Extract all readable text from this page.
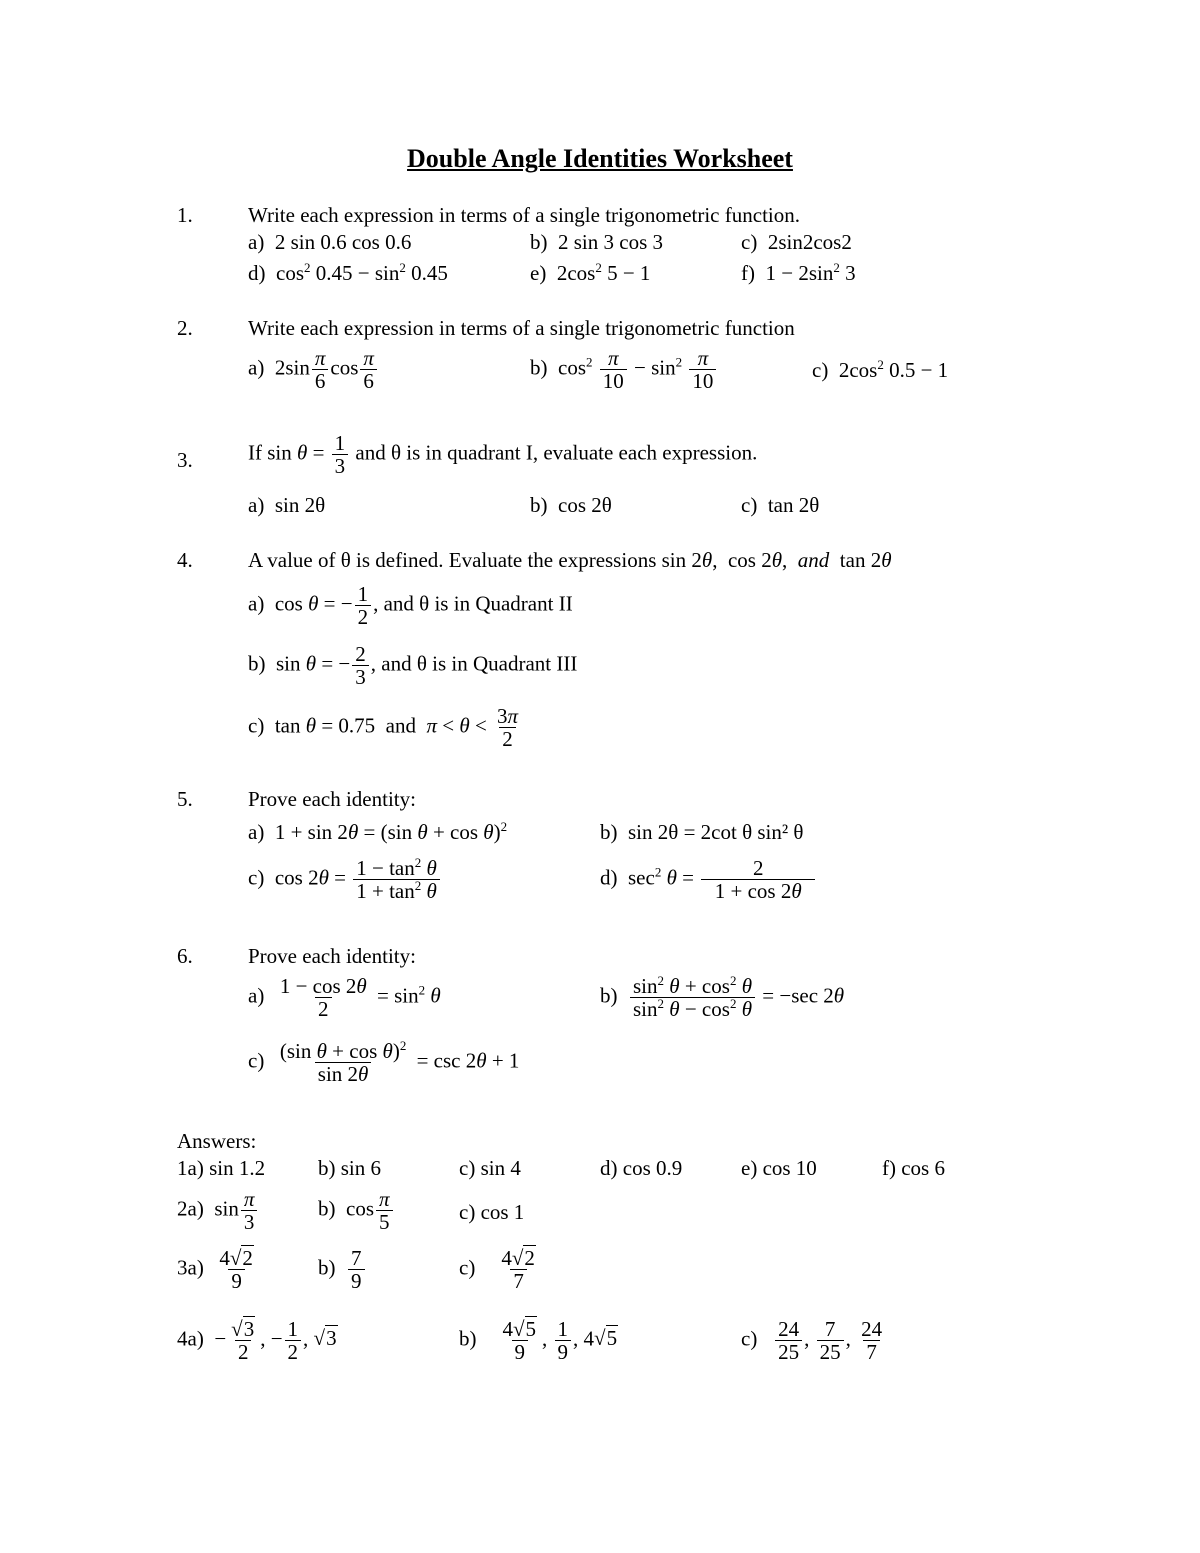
Double Angle Identities Worksheet
1.	Write each expression in terms of a single trigonometric function.
a) 2 sin 0.6 cos 0.6	b) 2 sin 3 cos 3	c) 2sin2cos2
d)  $\cos^2 0.45 - \sin^2 0.45$	e)  $2\cos^2$ 5 − 1	f)  $1 - 2\sin^2$ 3
2.	Write each expression in terms of a single trigonometric function
a)  $2\sin \frac{\pi}{6}$ $\cos \frac{\pi}{6}$	b)  $\cos^2 \frac{\pi}{10} - \sin^2 \frac{\pi}{10}$	c)  $2\cos^2$ 0.5 − 1
3.	If $\sin \theta = \frac{1}{3}$ and θ is in quadrant I, evaluate each expression.
a) sin 2θ	b) cos 2θ	c) tan 2θ
4.	A value of θ is defined. Evaluate the expressions sin 2θ,  cos 2θ,  and  tan 2θ
a)  cos θ = − $\frac{1}{2}$ , and θ is in Quadrant II
b)  sin θ = − $\frac{2}{3}$ , and θ is in Quadrant III
c)  tan θ = 0.75  and  $\pi < \theta < \frac{3\pi}{2}$
5.	Prove each identity:
a)  1 + sin 2θ = (sin θ + cos θ)$^2$	b) sin 2θ = 2cot θ sin² θ
c)  $\cos 2\theta = \frac{1 - \tan^2 \theta}{1 + \tan^2 \theta}$	d)  $\sec^2 \theta = \frac{2}{1 + \cos 2\theta}$
6.	Prove each identity:
$a) \frac{1 - \cos 2\theta}{2} = \sin^2 \theta$	$b) \frac{\sin^2 \theta + \cos^2 \theta}{\sin^2 \theta - \cos^2 \theta} = -\sec$ 2θ
$c) \frac{(\sin \theta + \cos \theta)^2}{\sin 2\theta} = \csc 2\theta + 1$
Answers:
1a) sin 1.2	b) sin 6	c) sin 4	d) cos 0.9	e) cos 10	f) cos 6
2a)  $\sin \frac{\pi}{3}$	b)  $\cos \frac{\pi}{5}$	c) cos 1
$3a) \frac{4√2}{9}$	$b) \frac{7}{9}$	$c) \frac{4√2}{7}$
$4a) - \frac{√3}{2}$ , − $\frac{1}{2}$ , √3	$b) \frac{4√5}{9}$ , $\frac{1}{9}$ , 4√5	$c) \frac{24}{25}$ , $\frac{7}{25}$ , $\frac{24}{7}$
